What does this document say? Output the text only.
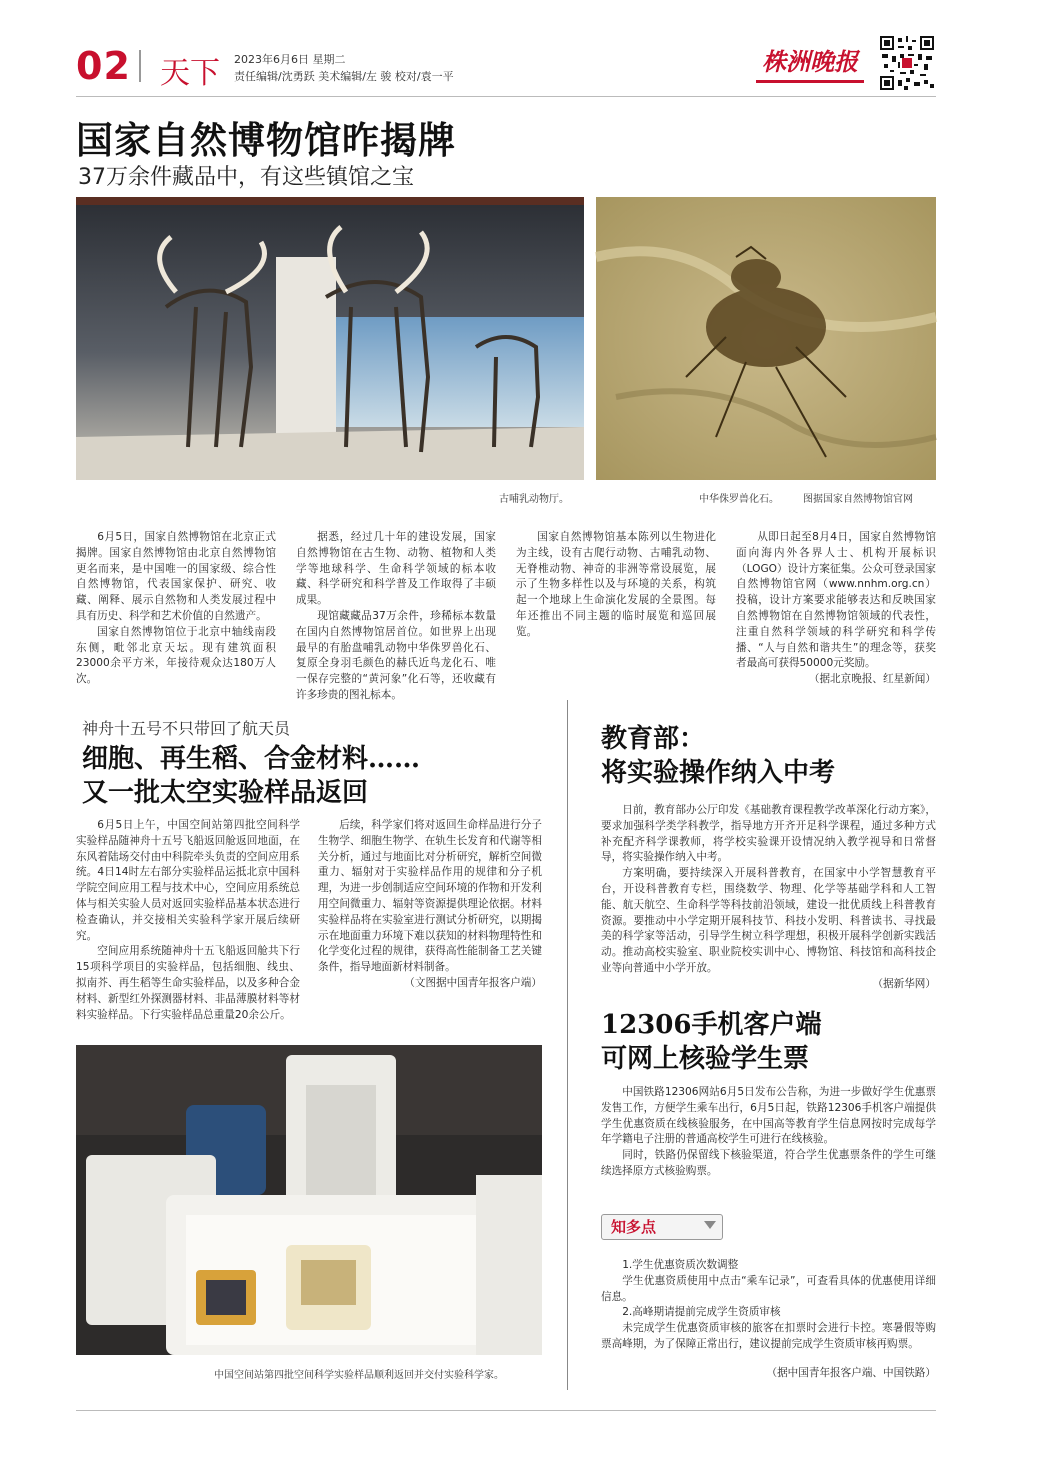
02 天下 2023年6月6日 星期二
责任编辑/沈勇跃 美术编辑/左 骏 校对/袁一平
株洲晚报
国家自然博物馆昨揭牌
37万余件藏品中，有这些镇馆之宝
古哺乳动物厅。	中华侏罗兽化石。 图据国家自然博物馆官网

6月5日，国家自然博物馆在北京正式揭牌。国家自然博物馆由北京自然博物馆更名而来，是中国唯一的国家级、综合性自然博物馆，代表国家保护、研究、收藏、阐释、展示自然物和人类发展过程中具有历史、科学和艺术价值的自然遗产。

国家自然博物馆位于北京中轴线南段东侧，毗邻北京天坛。现有建筑面积23000余平方米，年接待观众达180万人次。

据悉，经过几十年的建设发展，国家自然博物馆在古生物、动物、植物和人类学等地球科学、生命科学领域的标本收藏、科学研究和科学普及工作取得了丰硕成果。

现馆藏藏品37万余件，珍稀标本数量在国内自然博物馆居首位。如世界上出现最早的有胎盘哺乳动物中华侏罗兽化石、复原全身羽毛颜色的赫氏近鸟龙化石、唯一保存完整的“黄河象”化石等，还收藏有许多珍贵的图礼标本。

国家自然博物馆基本陈列以生物进化为主线，设有古爬行动物、古哺乳动物、无脊椎动物、神奇的非洲等常设展览，展示了生物多样性以及与环境的关系，构筑起一个地球上生命演化发展的全景图。每年还推出不同主题的临时展览和巡回展览。

从即日起至8月4日，国家自然博物馆面向海内外各界人士、机构开展标识（LOGO）设计方案征集。公众可登录国家自然博物馆官网（www.nnhm.org.cn）投稿，设计方案要求能够表达和反映国家自然博物馆在自然博物馆领域的代表性，注重自然科学领域的科学研究和科学传播、“人与自然和谐共生”的理念等，获奖者最高可获得50000元奖励。

（据北京晚报、红星新闻）

神舟十五号不只带回了航天员
细胞、再生稻、合金材料……
又一批太空实验样品返回

6月5日上午，中国空间站第四批空间科学实验样品随神舟十五号飞船返回舱返回地面，在东风着陆场交付由中科院牵头负责的空间应用系统。4日14时左右部分实验样品运抵北京中国科学院空间应用工程与技术中心，空间应用系统总体与相关实验人员对返回实验样品基本状态进行检查确认，并交接相关实验科学家开展后续研究。

空间应用系统随神舟十五飞船返回舱共下行15项科学项目的实验样品，包括细胞、线虫、拟南芥、再生稻等生命实验样品，以及多种合金材料、新型红外探测器材料、非晶薄膜材料等材料实验样品。下行实验样品总重量20余公斤。

后续，科学家们将对返回生命样品进行分子生物学、细胞生物学、在轨生长发育和代谢等相关分析，通过与地面比对分析研究，解析空间微重力、辐射对于实验样品作用的规律和分子机理，为进一步创制适应空间环境的作物和开发利用空间微重力、辐射等资源提供理论依据。材料实验样品将在实验室进行测试分析研究，以期揭示在地面重力环境下难以获知的材料物理特性和化学变化过程的规律，获得高性能制备工艺关键条件，指导地面新材料制备。

（文图据中国青年报客户端）

中国空间站第四批空间科学实验样品顺利返回并交付实验科学家。
教育部：
将实验操作纳入中考

日前，教育部办公厅印发《基础教育课程教学改革深化行动方案》，要求加强科学类学科教学，指导地方开齐开足科学课程，通过多种方式补充配齐科学课教师，将学校实验课开设情况纳入教学视导和日常督导，将实验操作纳入中考。

方案明确，要持续深入开展科普教育，在国家中小学智慧教育平台，开设科普教育专栏，围绕数学、物理、化学等基础学科和人工智能、航天航空、生命科学等科技前沿领域，建设一批优质线上科普教育资源。要推动中小学定期开展科技节、科技小发明、科普读书、寻找最美的科学家等活动，引导学生树立科学理想，积极开展科学创新实践活动。推动高校实验室、职业院校实训中心、博物馆、科技馆和高科技企业等向普通中小学开放。

（据新华网）

12306手机客户端
可网上核验学生票

中国铁路12306网站6月5日发布公告称，为进一步做好学生优惠票发售工作，方便学生乘车出行，6月5日起，铁路12306手机客户端提供学生优惠资质在线核验服务，在中国高等教育学生信息网按时完成每学年学籍电子注册的普通高校学生可进行在线核验。

同时，铁路仍保留线下核验渠道，符合学生优惠票条件的学生可继续选择原方式核验购票。

知多点

1.学生优惠资质次数调整

学生优惠资质使用中点击“乘车记录”，可查看具体的优惠使用详细信息。

2.高峰期请提前完成学生资质审核

未完成学生优惠资质审核的旅客在扣票时会进行卡控。寒暑假等购票高峰期，为了保障正常出行，建议提前完成学生资质审核再购票。

（据中国青年报客户端、中国铁路）
